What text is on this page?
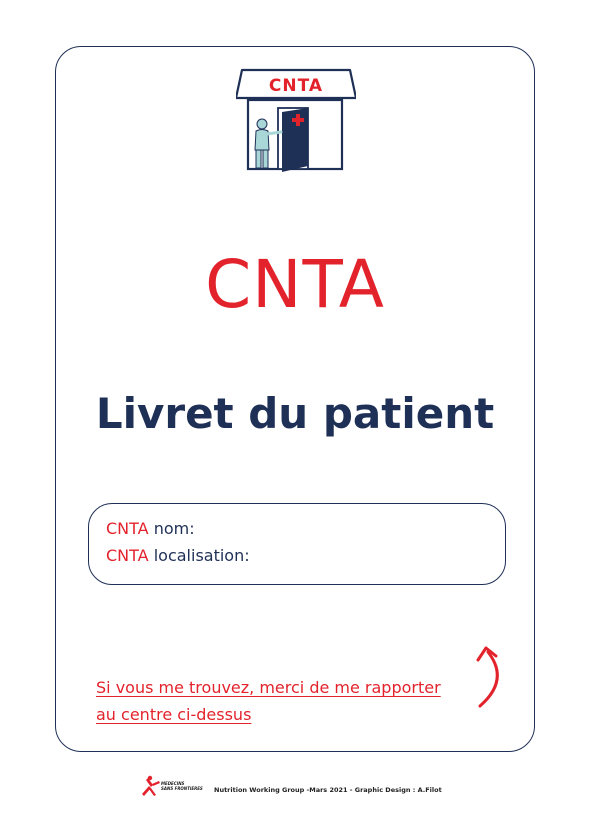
CNTA
CNTA
Livret du patient
CNTA nom:
CNTA localisation:
Si vous me trouvez, merci de me rapporter
au centre ci-dessus
MEDECINS
SANS FRONTIERES Nutrition Working Group -Mars 2021 - Graphic Design : A.Filot
